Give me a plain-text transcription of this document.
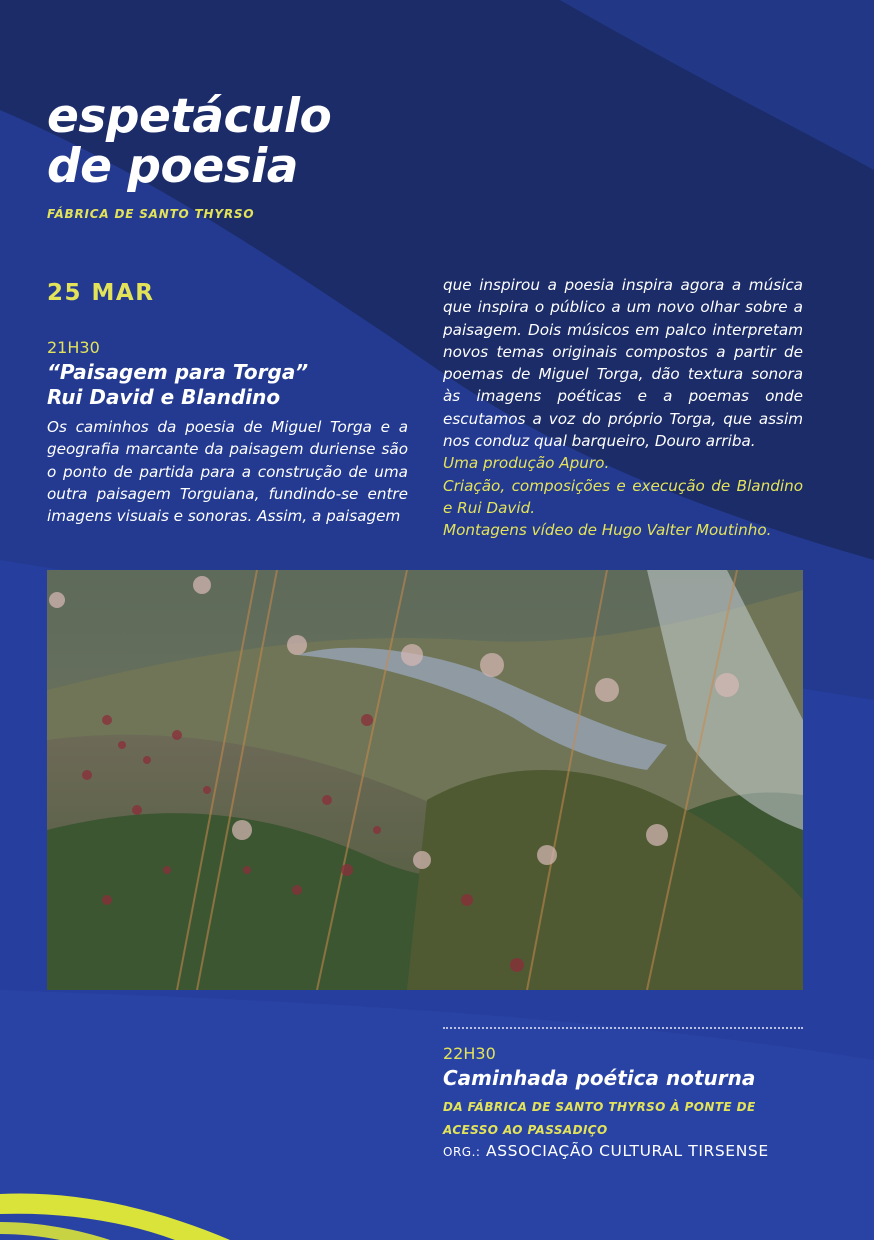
espetáculo
de poesia
FÁBRICA DE SANTO THYRSO
25 MAR
21H30
“Paisagem para Torga”
Rui David e Blandino

Os caminhos da poesia de Miguel Torga e a geografia marcante da paisagem duriense são o ponto de partida para a construção de uma outra paisagem Torguiana, fundindo-se entre imagens visuais e sonoras. Assim, a paisagem

que inspirou a poesia inspira agora a música que inspira o público a um novo olhar sobre a paisagem. Dois músicos em palco interpretam novos temas originais compostos a partir de poemas de Miguel Torga, dão textura sonora às imagens poéticas e a poemas onde escutamos a voz do próprio Torga, que assim nos conduz qual barqueiro, Douro arriba.
Uma produção Apuro.
Criação, composições e execução de Blandino e Rui David.
Montagens vídeo de Hugo Valter Moutinho.
22H30
Caminhada poética noturna
DA FÁBRICA DE SANTO THYRSO À PONTE DE ACESSO AO PASSADIÇO
ORG.: ASSOCIAÇÃO CULTURAL TIRSENSE
